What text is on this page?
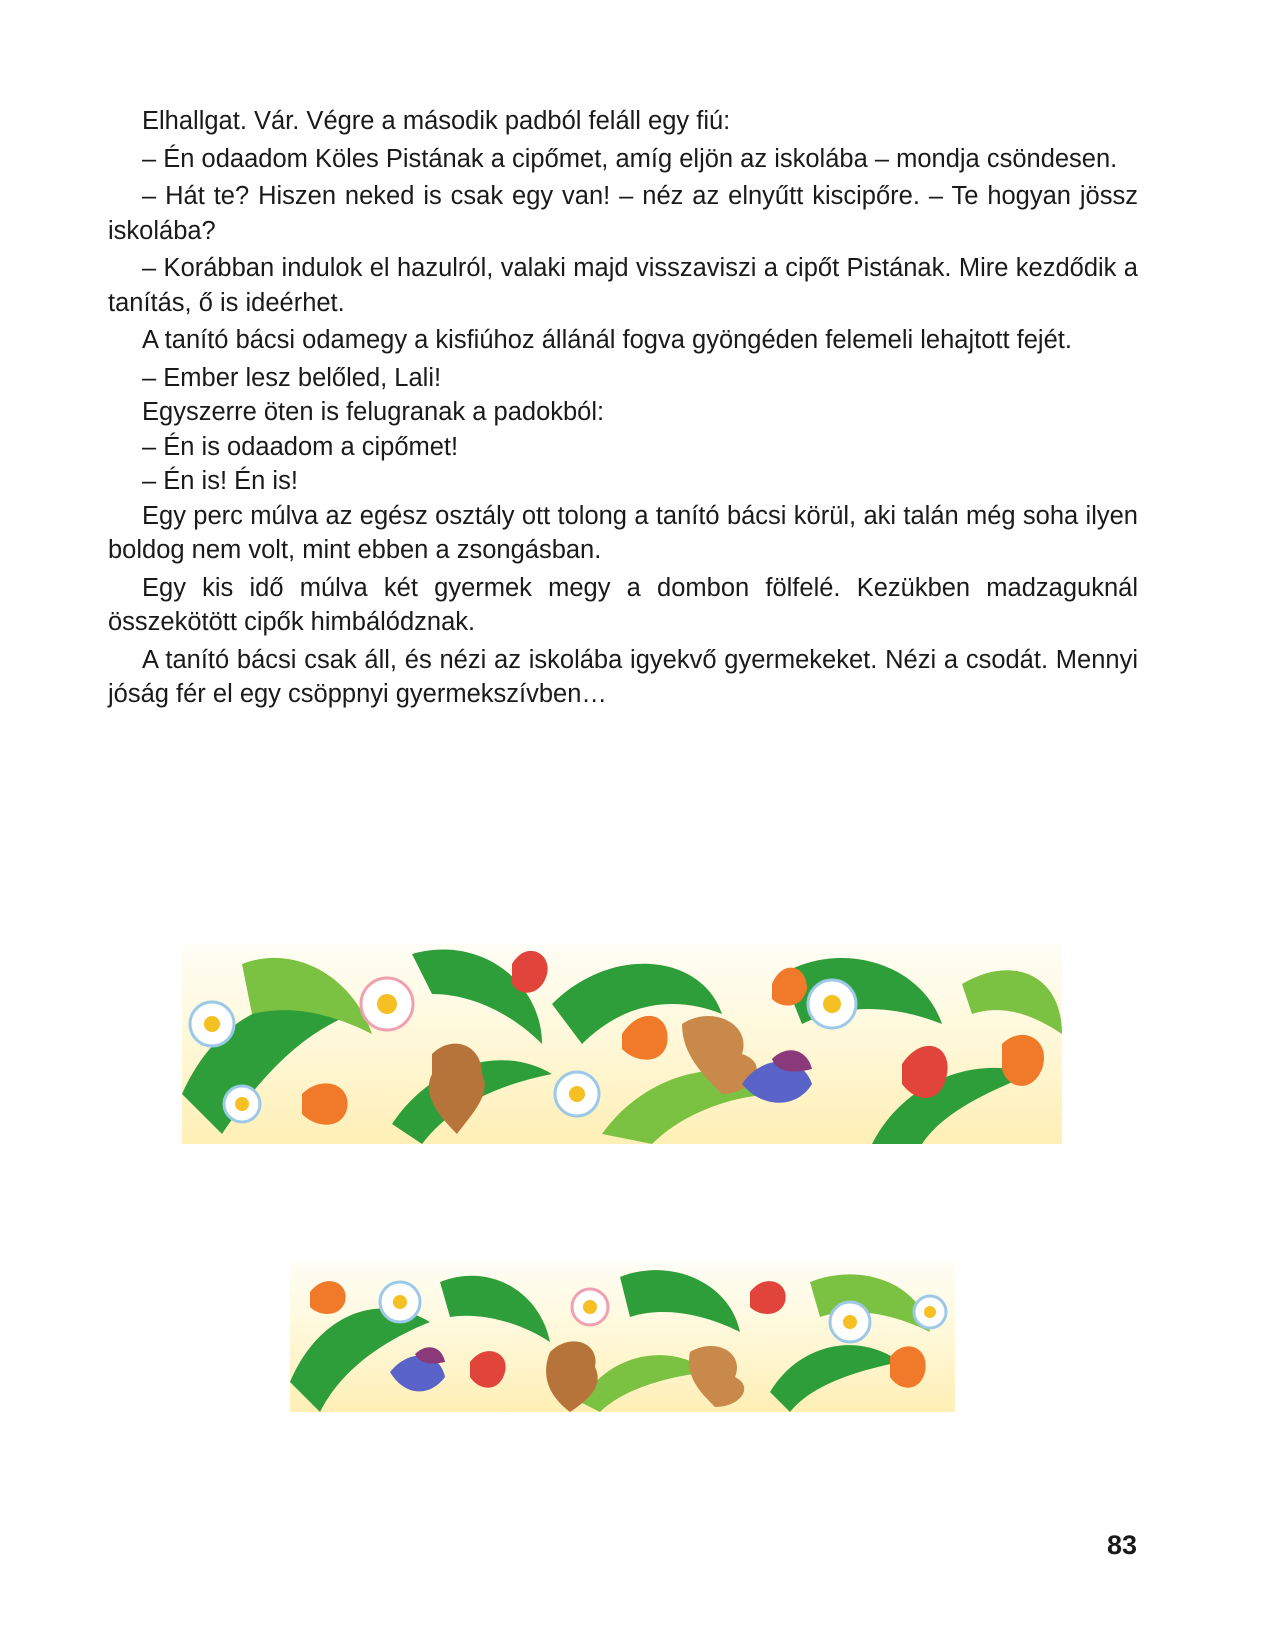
Elhallgat. Vár. Végre a második padból feláll egy fiú:

– Én odaadom Köles Pistának a cipőmet, amíg eljön az iskolába – mondja csöndesen.

– Hát te? Hiszen neked is csak egy van! – néz az elnyűtt kiscipőre. – Te hogyan jössz iskolába?

– Korábban indulok el hazulról, valaki majd visszaviszi a cipőt Pistának. Mire kezdődik a tanítás, ő is ideérhet.

A tanító bácsi odamegy a kisfiúhoz állánál fogva gyöngéden felemeli lehajtott fejét.

– Ember lesz belőled, Lali!

Egyszerre öten is felugranak a padokból:

– Én is odaadom a cipőmet!

– Én is! Én is!

Egy perc múlva az egész osztály ott tolong a tanító bácsi körül, aki talán még soha ilyen boldog nem volt, mint ebben a zsongásban.

Egy kis idő múlva két gyermek megy a dombon fölfelé. Kezükben madzaguknál összekötött cipők himbálódznak.

A tanító bácsi csak áll, és nézi az iskolába igyekvő gyermekeket. Nézi a csodát. Mennyi jóság fér el egy csöppnyi gyermekszívben…

83
